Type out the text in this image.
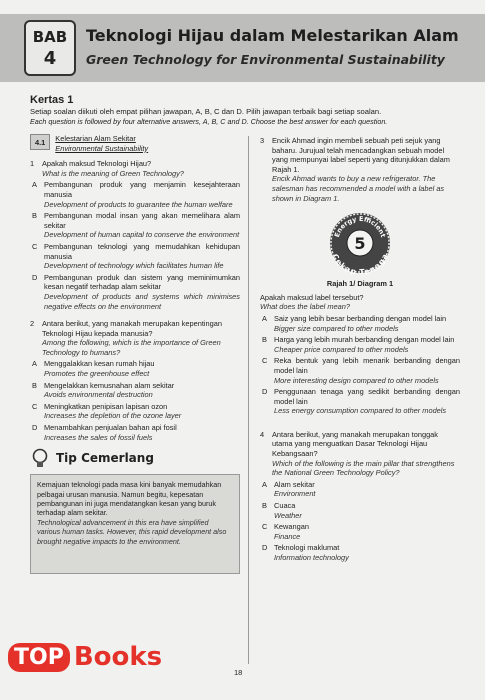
BAB
4
Teknologi Hijau dalam Melestarikan Alam
Green Technology for Environmental Sustainability
Kertas 1
Setiap soalan diikuti oleh empat pilihan jawapan, A, B, C dan D. Pilih jawapan terbaik bagi setiap soalan.
Each question is followed by four alternative answers, A, B, C and D. Choose the best answer for each question.
4.1	Kelestarian Alam Sekitar
Environmental Sustainability
1	Apakah maksud Teknologi Hijau?
What is the meaning of Green Technology?
A Pembangunan produk yang menjamin kesejahteraan manusia
Development of products to guarantee the human welfare
B Pembangunan modal insan yang akan memelihara alam sekitar
Development of human capital to conserve the environment
C Pembangunan teknologi yang memudahkan kehidupan manusia
Development of technology which facilitates human life
D Pembangunan produk dan sistem yang meminimumkan kesan negatif terhadap alam sekitar
Development of products and systems which minimises negative effects on the environment
2	Antara berikut, yang manakah merupakan kepentingan Teknologi Hijau kepada manusia?
Among the following, which is the importance of Green Technology to humans?
A Menggalakkan kesan rumah hijau
Promotes the greenhouse effect
B Mengelakkan kemusnahan alam sekitar
Avoids environmental destruction
C Meningkatkan penipisan lapisan ozon
Increases the depletion of the ozone layer
D Menambahkan penjualan bahan api fosil
Increases the sales of fossil fuels
Tip Cemerlang
Kemajuan teknologi pada masa kini banyak memudahkan pelbagai urusan manusia. Namun begitu, kepesatan pembangunan ini juga mendatangkan kesan yang buruk terhadap alam sekitar.
Technological advancement in this era have simplified various human tasks. However, this rapid development also brought negative impacts to the environment.
3	Encik Ahmad ingin membeli sebuah peti sejuk yang baharu. Jurujual telah mencadangkan sebuah model yang mempunyai label seperti yang ditunjukkan dalam Rajah 1.
Encik Ahmad wants to buy a new refrigerator. The salesman has recommended a model with a label as shown in Diagram 1.
Energy Efficient
Cekap Tenaga
5
Rajah 1/ Diagram 1
Apakah maksud label tersebut?
What does the label mean?
A Saiz yang lebih besar berbanding dengan model lain
Bigger size compared to other models
B Harga yang lebih murah berbanding dengan model lain
Cheaper price compared to other models
C Reka bentuk yang lebih menarik berbanding dengan model lain
More interesting design compared to other models
D Penggunaan tenaga yang sedikit berbanding dengan model lain
Less energy consumption compared to other models
4	Antara berikut, yang manakah merupakan tonggak utama yang menguatkan Dasar Teknologi Hijau Kebangsaan?
Which of the following is the main pillar that strengthens the National Green Technology Policy?
A Alam sekitar
Environment
B Cuaca
Weather
C Kewangan
Finance
D Teknologi maklumat
Information technology
18
TOP Books
